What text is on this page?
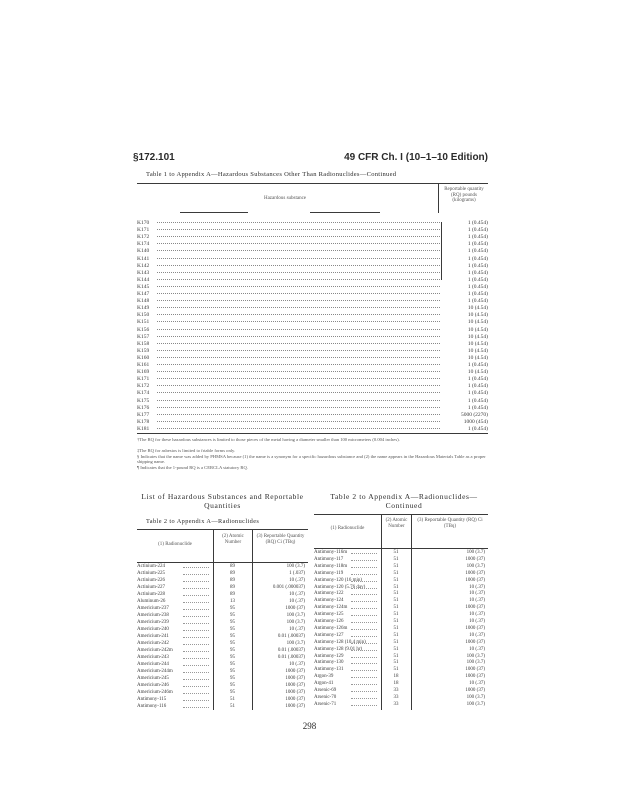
§172.101	49 CFR Ch. I (10–1–10 Edition)
Table 1 to Appendix A—Hazardous Substances Other Than Radionuclides—Continued
Hazardous substance
Reportable quantity (RQ) pounds (kilograms)
K170	1 (0.454)
K171	1 (0.454)
K172	1 (0.454)
K174	1 (0.454)
K140	1 (0.454)
K141	1 (0.454)
K142	1 (0.454)
K143	1 (0.454)
K144	1 (0.454)
K145	1 (0.454)
K147	1 (0.454)
K148	1 (0.454)
K149	10 (4.54)
K150	10 (4.54)
K151	10 (4.54)
K156	10 (4.54)
K157	10 (4.54)
K158	10 (4.54)
K159	10 (4.54)
K160	10 (4.54)
K161	1 (0.454)
K169	10 (4.54)
K171	1 (0.454)
K172	1 (0.454)
K174	1 (0.454)
K175	1 (0.454)
K176	1 (0.454)
K177	5000 (2270)
K178	1000 (454)
K181	1 (0.454)
†The RQ for these hazardous substances is limited to those pieces of the metal having a diameter smaller than 100 micrometers (0.004 inches).
‡The RQ for asbestos is limited to friable forms only.
§ Indicates that the name was added by PHMSA because (1) the name is a synonym for a specific hazardous substance and (2) the name appears in the Hazardous Materials Table as a proper shipping name.
¶ Indicates that the 1-pound RQ is a CERCLA statutory RQ.
List of Hazardous Substances and Reportable Quantities
Table 2 to Appendix A—Radionuclides
(1) Radionuclide
(2) Atomic Number
(3) Reportable Quantity (RQ) Ci (TBq)
Actinium-224	89	100 (3.7)
Actinium-225	89	1 (.037)
Actinium-226	89	10 (.37)
Actinium-227	89	0.001 (.000037)
Actinium-228	89	10 (.37)
Aluminum-26	13	10 (.37)
Americium-237	95	1000 (37)
Americium-238	95	100 (3.7)
Americium-239	95	100 (3.7)
Americium-240	95	10 (.37)
Americium-241	95	0.01 (.00037)
Americium-242	95	100 (3.7)
Americium-242m	95	0.01 (.00037)
Americium-243	95	0.01 (.00037)
Americium-244	95	10 (.37)
Americium-244m	95	1000 (37)
Americium-245	95	1000 (37)
Americium-246	95	1000 (37)
Americium-246m	95	1000 (37)
Antimony-115	51	1000 (37)
Antimony-116	51	1000 (37)
Table 2 to Appendix A—Radionuclides—Continued
(1) Radionuclide
(2) Atomic Number
(3) Reportable Quantity (RQ) Ci (TBq)
Antimony-116m	51	100 (3.7)
Antimony-117	51	1000 (37)
Antimony-118m	51	100 (3.7)
Antimony-119	51	1000 (37)
Antimony-120 (16 min)	51	1000 (37)
Antimony-120 (5.76 day)	51	10 (.37)
Antimony-122	51	10 (.37)
Antimony-124	51	10 (.37)
Antimony-124m	51	1000 (37)
Antimony-125	51	10 (.37)
Antimony-126	51	10 (.37)
Antimony-126m	51	1000 (37)
Antimony-127	51	10 (.37)
Antimony-128 (10.4 min)	51	1000 (37)
Antimony-128 (9.01 hr)	51	10 (.37)
Antimony-129	51	100 (3.7)
Antimony-130	51	100 (3.7)
Antimony-131	51	1000 (37)
Argon-39	18	1000 (37)
Argon-41	18	10 (.37)
Arsenic-69	33	1000 (37)
Arsenic-70	33	100 (3.7)
Arsenic-71	33	100 (3.7)
298
